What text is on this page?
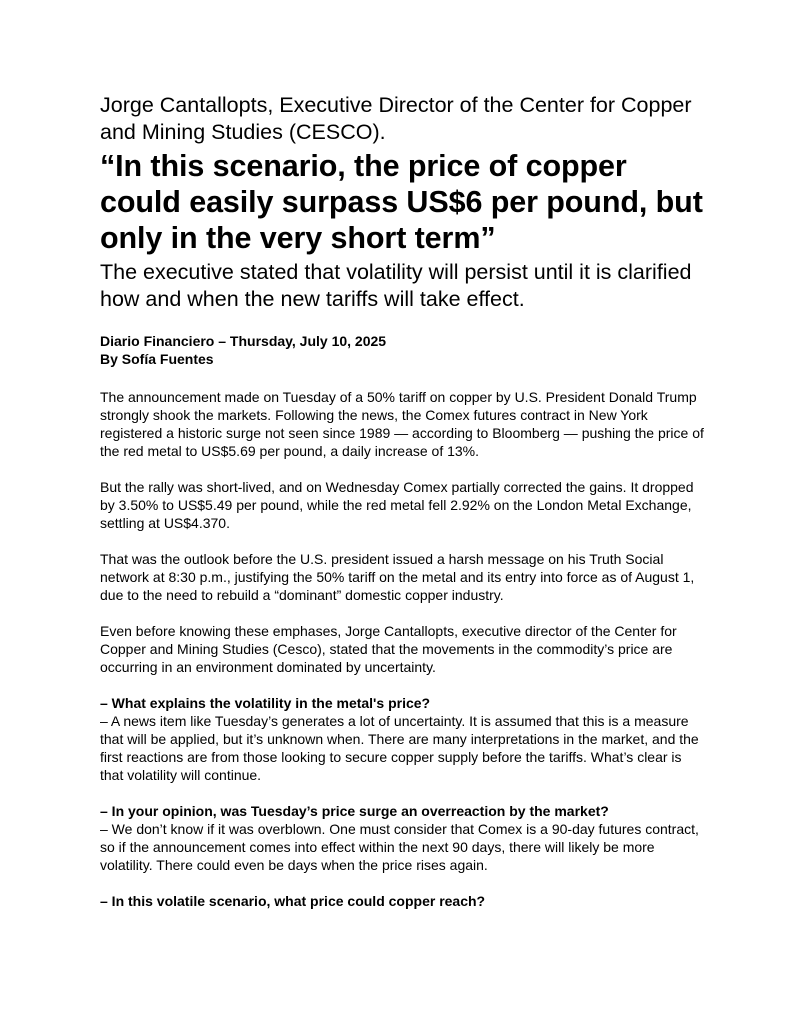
Jorge Cantallopts, Executive Director of the Center for Copper and Mining Studies (CESCO).
“In this scenario, the price of copper could easily surpass US$6 per pound, but only in the very short term”
The executive stated that volatility will persist until it is clarified how and when the new tariffs will take effect.
Diario Financiero – Thursday, July 10, 2025
By Sofía Fuentes

The announcement made on Tuesday of a 50% tariff on copper by U.S. President Donald Trump strongly shook the markets. Following the news, the Comex futures contract in New York registered a historic surge not seen since 1989 — according to Bloomberg — pushing the price of the red metal to US$5.69 per pound, a daily increase of 13%.

But the rally was short-lived, and on Wednesday Comex partially corrected the gains. It dropped by 3.50% to US$5.49 per pound, while the red metal fell 2.92% on the London Metal Exchange, settling at US$4.370.

That was the outlook before the U.S. president issued a harsh message on his Truth Social network at 8:30 p.m., justifying the 50% tariff on the metal and its entry into force as of August 1, due to the need to rebuild a “dominant” domestic copper industry.

Even before knowing these emphases, Jorge Cantallopts, executive director of the Center for Copper and Mining Studies (Cesco), stated that the movements in the commodity’s price are occurring in an environment dominated by uncertainty.

– What explains the volatility in the metal's price?
– A news item like Tuesday’s generates a lot of uncertainty. It is assumed that this is a measure that will be applied, but it’s unknown when. There are many interpretations in the market, and the first reactions are from those looking to secure copper supply before the tariffs. What’s clear is that volatility will continue.
– In your opinion, was Tuesday’s price surge an overreaction by the market?
– We don’t know if it was overblown. One must consider that Comex is a 90-day futures contract, so if the announcement comes into effect within the next 90 days, there will likely be more volatility. There could even be days when the price rises again.
– In this volatile scenario, what price could copper reach?
